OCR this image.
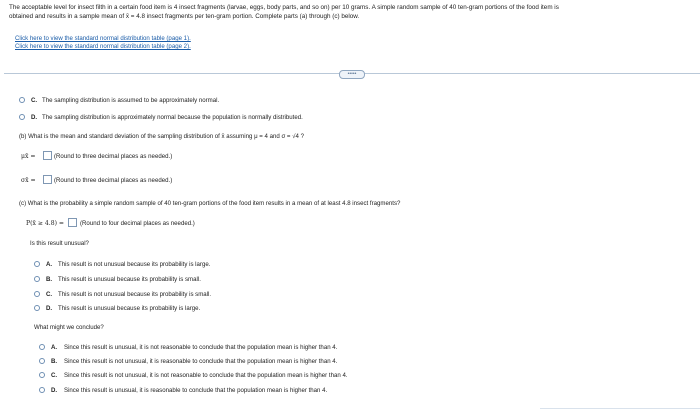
The acceptable level for insect filth in a certain food item is 4 insect fragments (larvae, eggs, body parts, and so on) per 10 grams. A simple random sample of 40 ten-gram portions of the food item is
obtained and results in a sample mean of x̄ = 4.8 insect fragments per ten-gram portion. Complete parts (a) through (c) below.
Click here to view the standard normal distribution table (page 1).
Click here to view the standard normal distribution table (page 2).
•••••
C. The sampling distribution is assumed to be approximately normal.
D. The sampling distribution is approximately normal because the population is normally distributed.
(b) What is the mean and standard deviation of the sampling distribution of x̄ assuming μ = 4 and σ = √4 ?
μx̄ =	(Round to three decimal places as needed.)
σx̄ =	(Round to three decimal places as needed.)
(c) What is the probability a simple random sample of 40 ten-gram portions of the food item results in a mean of at least 4.8 insect fragments?
P(x̄ ≥ 4.8) =	(Round to four decimal places as needed.)
Is this result unusual?
A. This result is not unusual because its probability is large.
B. This result is unusual because its probability is small.
C. This result is not unusual because its probability is small.
D. This result is unusual because its probability is large.
What might we conclude?
A. Since this result is unusual, it is not reasonable to conclude that the population mean is higher than 4.
B. Since this result is not unusual, it is reasonable to conclude that the population mean is higher than 4.
C. Since this result is not unusual, it is not reasonable to conclude that the population mean is higher than 4.
D. Since this result is unusual, it is reasonable to conclude that the population mean is higher than 4.
